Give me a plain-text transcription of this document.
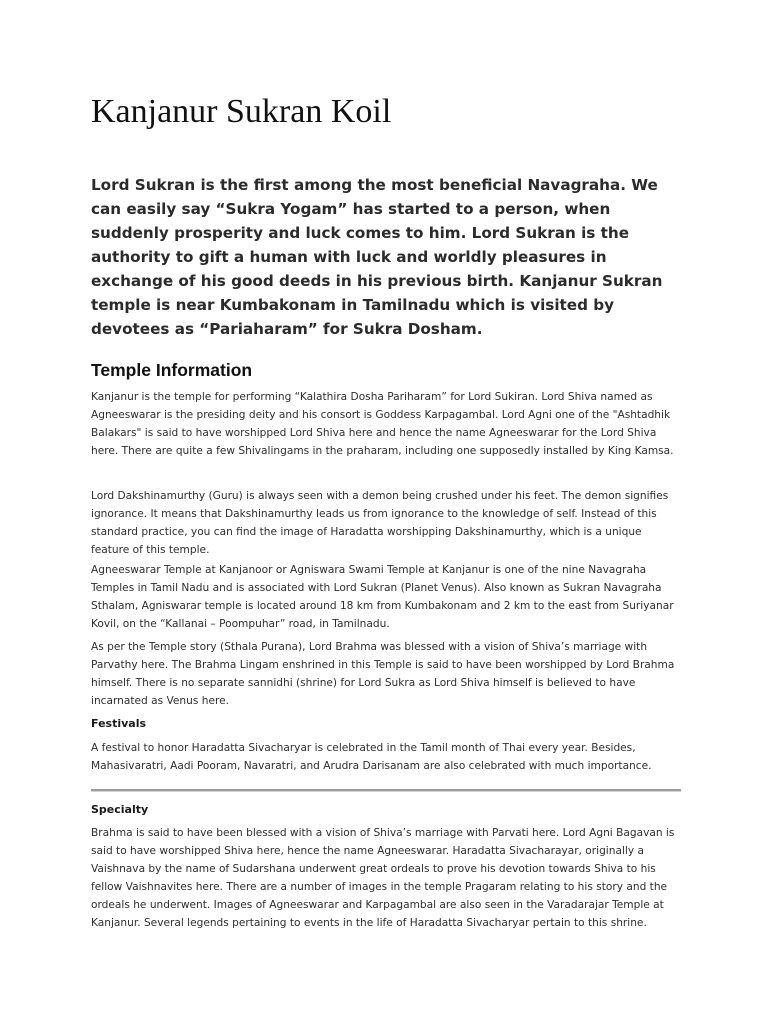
Kanjanur Sukran Koil

Lord Sukran is the first among the most beneficial Navagraha. We can easily say “Sukra Yogam” has started to a person, when suddenly prosperity and luck comes to him. Lord Sukran is the authority to gift a human with luck and worldly pleasures in exchange of his good deeds in his previous birth. Kanjanur Sukran temple is near Kumbakonam in Tamilnadu which is visited by devotees as “Pariaharam” for Sukra Dosham.

Temple Information

Kanjanur is the temple for performing “Kalathira Dosha Pariharam” for Lord Sukiran. Lord Shiva named as Agneeswarar is the presiding deity and his consort is Goddess Karpagambal. Lord Agni one of the "Ashtadhik Balakars" is said to have worshipped Lord Shiva here and hence the name Agneeswarar for the Lord Shiva here. There are quite a few Shivalingams in the praharam, including one supposedly installed by King Kamsa.

Lord Dakshinamurthy (Guru) is always seen with a demon being crushed under his feet. The demon signifies ignorance. It means that Dakshinamurthy leads us from ignorance to the knowledge of self. Instead of this standard practice, you can find the image of Haradatta worshipping Dakshinamurthy, which is a unique feature of this temple.

Agneeswarar Temple at Kanjanoor or Agniswara Swami Temple at Kanjanur is one of the nine Navagraha Temples in Tamil Nadu and is associated with Lord Sukran (Planet Venus). Also known as Sukran Navagraha Sthalam, Agniswarar temple is located around 18 km from Kumbakonam and 2 km to the east from Suriyanar Kovil, on the “Kallanai – Poompuhar” road, in Tamilnadu.

As per the Temple story (Sthala Purana), Lord Brahma was blessed with a vision of Shiva’s marriage with Parvathy here. The Brahma Lingam enshrined in this Temple is said to have been worshipped by Lord Brahma himself. There is no separate sannidhi (shrine) for Lord Sukra as Lord Shiva himself is believed to have incarnated as Venus here.

Festivals

A festival to honor Haradatta Sivacharyar is celebrated in the Tamil month of Thai every year. Besides, Mahasivaratri, Aadi Pooram, Navaratri, and Arudra Darisanam are also celebrated with much importance.

Specialty

Brahma is said to have been blessed with a vision of Shiva’s marriage with Parvati here. Lord Agni Bagavan is said to have worshipped Shiva here, hence the name Agneeswarar. Haradatta Sivacharayar, originally a Vaishnava by the name of Sudarshana underwent great ordeals to prove his devotion towards Shiva to his fellow Vaishnavites here. There are a number of images in the temple Pragaram relating to his story and the ordeals he underwent. Images of Agneeswarar and Karpagambal are also seen in the Varadarajar Temple at Kanjanur. Several legends pertaining to events in the life of Haradatta Sivacharyar pertain to this shrine.
